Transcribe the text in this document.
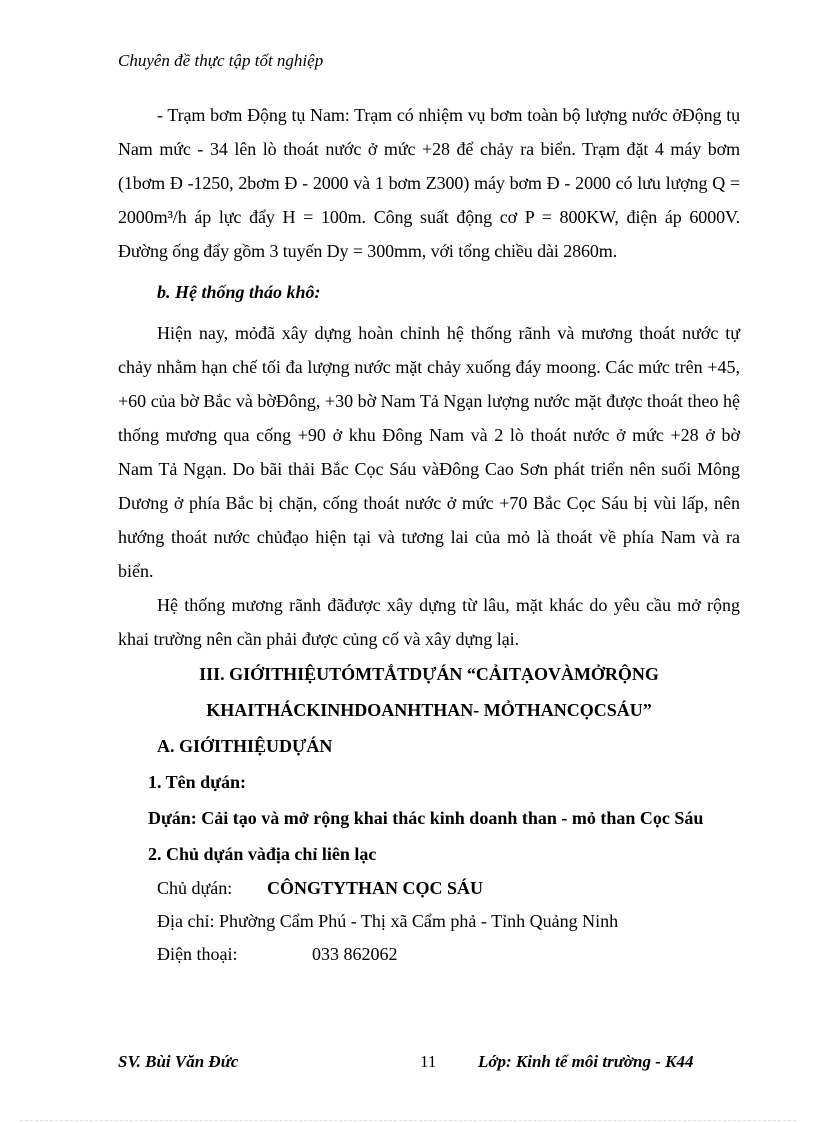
Chuyên đề thực tập tốt nghiệp

- Trạm bơm Động tụ Nam: Trạm có nhiệm vụ bơm toàn bộ lượng nước ởĐộng tụ Nam mức - 34 lên lò thoát nước ở mức +28 để chảy ra biển. Trạm đặt 4 máy bơm (1bơm Đ -1250, 2bơm Đ - 2000 và 1 bơm Z300) máy bơm Đ - 2000 có lưu lượng Q = 2000m³/h áp lực đẩy H = 100m. Công suất động cơ P = 800KW, điện áp 6000V. Đường ống đẩy gồm 3 tuyến Dy = 300mm, với tổng chiều dài 2860m.

b. Hệ thống tháo khô:

Hiện nay, mỏđã xây dựng hoàn chỉnh hệ thống rãnh và mương thoát nước tự chảy nhằm hạn chế tối đa lượng nước mặt chảy xuống đáy moong. Các mức trên +45, +60 của bờ Bắc và bờĐông, +30 bờ Nam Tả Ngạn lượng nước mặt được thoát theo hệ thống mương qua cống +90 ở khu Đông Nam và 2 lò thoát nước ở mức +28 ở bờ Nam Tả Ngạn. Do bãi thải Bắc Cọc Sáu vàĐông Cao Sơn phát triển nên suối Mông Dương ở phía Bắc bị chặn, cống thoát nước ở mức +70 Bắc Cọc Sáu bị vùi lấp, nên hướng thoát nước chủđạo hiện tại và tương lai của mỏ là thoát về phía Nam và ra biển.

Hệ thống mương rãnh đãđược xây dựng từ lâu, mặt khác do yêu cầu mở rộng khai trường nên cần phải được củng cố và xây dựng lại.

III. GIỚITHIỆUTÓMTẮTDỰÁN “CẢITẠOVÀMỞRỘNG

KHAITHÁCKINHDOANHTHAN- MỎTHANCỌCSÁU”

A. GIỚITHIỆUDỰÁN

1. Tên dựán:

Dựán: Cải tạo và mở rộng khai thác kinh doanh than - mỏ than Cọc Sáu

2. Chủ dựán vàđịa chỉ liên lạc

Chủ dựán: CÔNGTYTHAN CỌC SÁU

Địa chỉ: Phường Cẩm Phú - Thị xã Cẩm phả - Tỉnh Quảng Ninh

Điện thoại:	033 862062

SV. Bùi Văn Đức	11 Lớp: Kinh tế môi trường - K44
